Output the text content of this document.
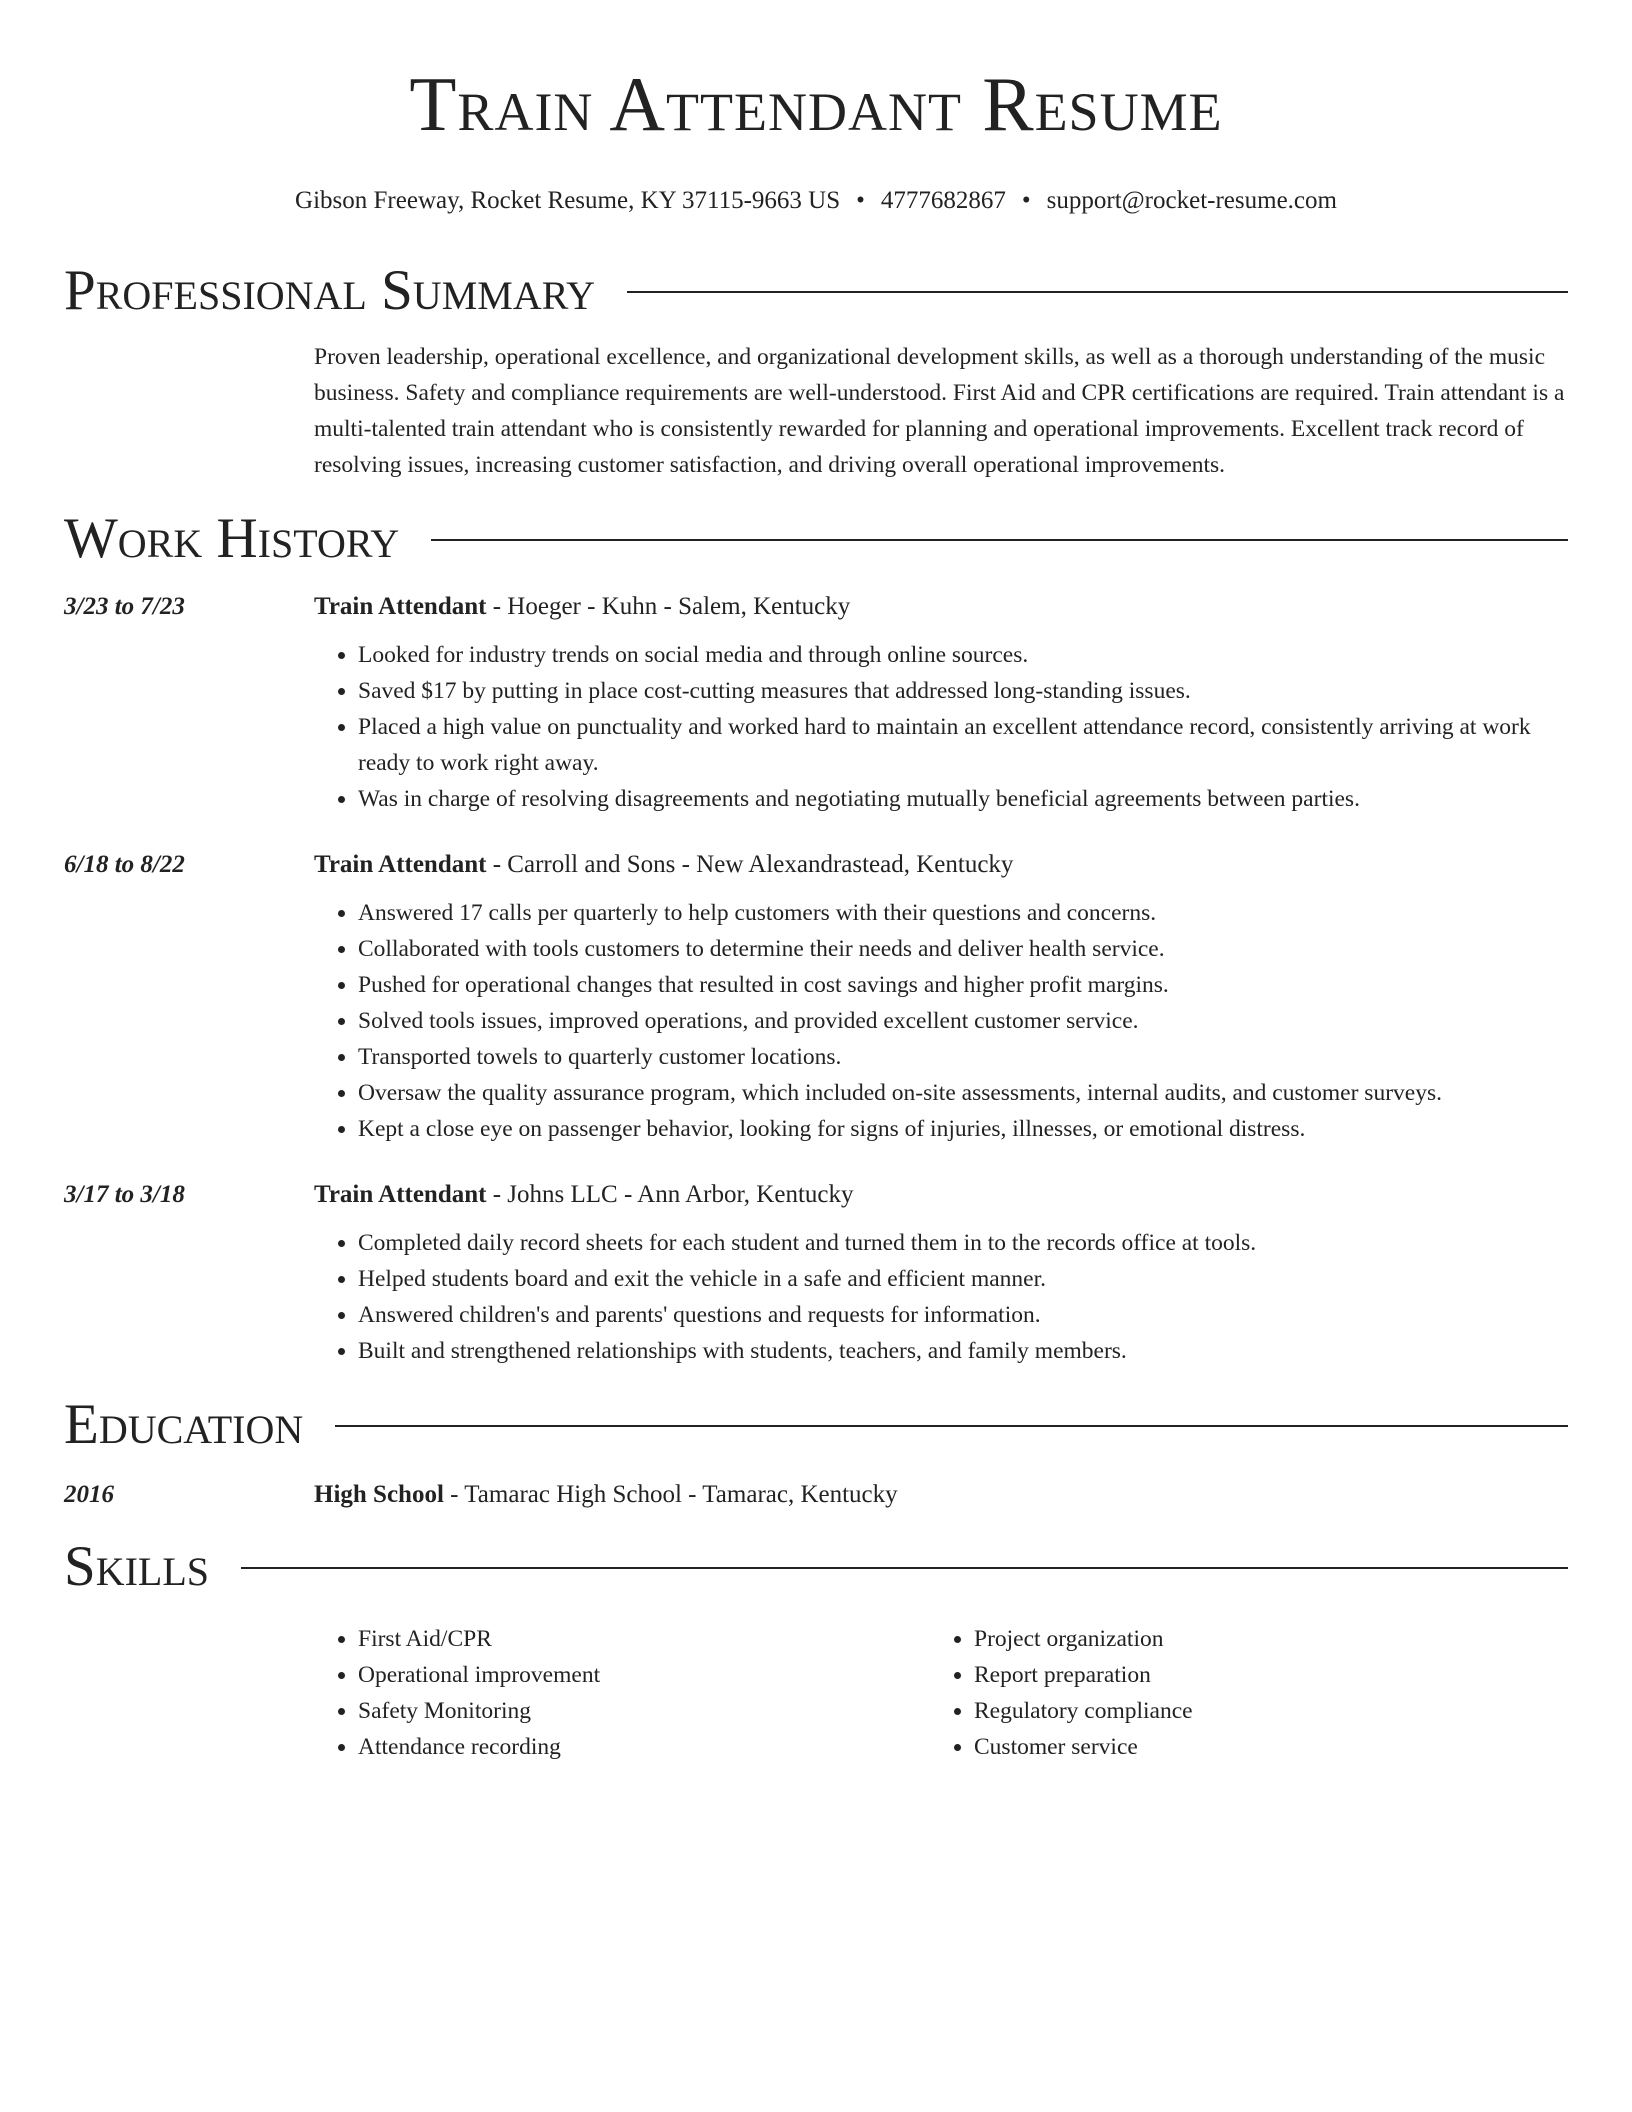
Train Attendant Resume
Gibson Freeway, Rocket Resume, KY 37115-9663 US • 4777682867 • support@rocket-resume.com
Professional Summary
Proven leadership, operational excellence, and organizational development skills, as well as a thorough understanding of the music business. Safety and compliance requirements are well-understood. First Aid and CPR certifications are required. Train attendant is a multi-talented train attendant who is consistently rewarded for planning and operational improvements. Excellent track record of resolving issues, increasing customer satisfaction, and driving overall operational improvements.
Work History
3/23 to 7/23	Train Attendant - Hoeger - Kuhn - Salem, Kentucky
• Looked for industry trends on social media and through online sources.
• Saved $17 by putting in place cost-cutting measures that addressed long-standing issues.
• Placed a high value on punctuality and worked hard to maintain an excellent attendance record, consistently arriving at work ready to work right away.
• Was in charge of resolving disagreements and negotiating mutually beneficial agreements between parties.
6/18 to 8/22	Train Attendant - Carroll and Sons - New Alexandrastead, Kentucky
• Answered 17 calls per quarterly to help customers with their questions and concerns.
• Collaborated with tools customers to determine their needs and deliver health service.
• Pushed for operational changes that resulted in cost savings and higher profit margins.
• Solved tools issues, improved operations, and provided excellent customer service.
• Transported towels to quarterly customer locations.
• Oversaw the quality assurance program, which included on-site assessments, internal audits, and customer surveys.
• Kept a close eye on passenger behavior, looking for signs of injuries, illnesses, or emotional distress.
3/17 to 3/18	Train Attendant - Johns LLC - Ann Arbor, Kentucky
• Completed daily record sheets for each student and turned them in to the records office at tools.
• Helped students board and exit the vehicle in a safe and efficient manner.
• Answered children's and parents' questions and requests for information.
• Built and strengthened relationships with students, teachers, and family members.
Education
2016	High School - Tamarac High School - Tamarac, Kentucky
Skills
• First Aid/CPR
• Operational improvement
• Safety Monitoring
• Attendance recording
• Project organization
• Report preparation
• Regulatory compliance
• Customer service
